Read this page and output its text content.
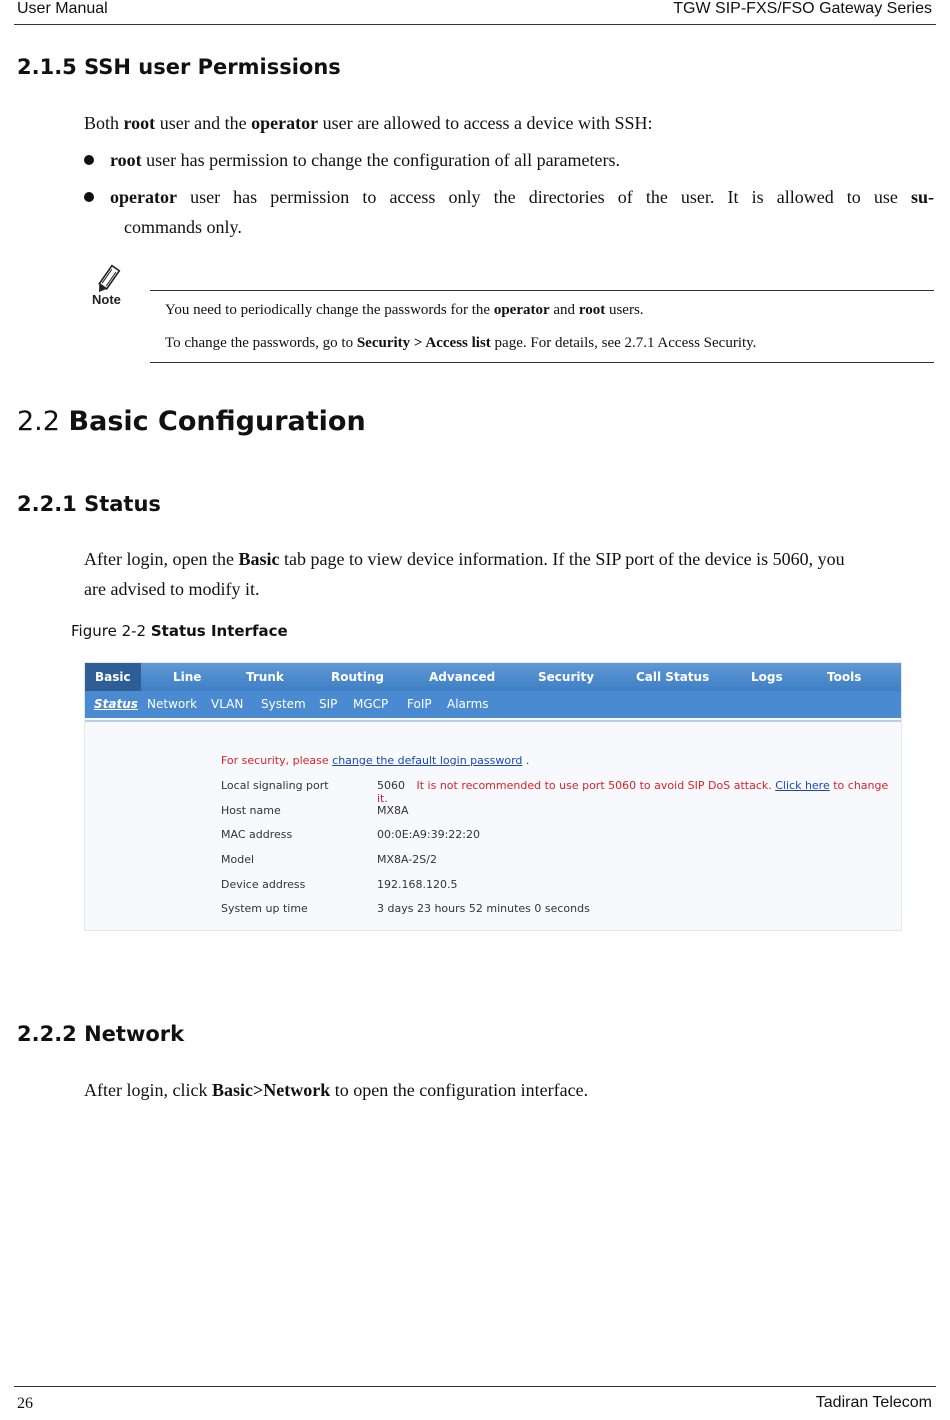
User Manual	TGW SIP-FXS/FSO Gateway Series
2.1.5 SSH user Permissions
Both root user and the operator user are allowed to access a device with SSH:
root user has permission to change the configuration of all parameters.
operator user has permission to access only the directories of the user. It is allowed to use su-
commands only.
Note
You need to periodically change the passwords for the operator and root users.
To change the passwords, go to Security > Access list page. For details, see 2.7.1 Access Security.
2.2 Basic Configuration
2.2.1 Status
After login, open the Basic tab page to view device information. If the SIP port of the device is 5060, you
are advised to modify it.
Figure 2-2 Status Interface
Basic	Line	Trunk	Routing	Advanced	Security	Call Status	Logs	Tools
Status Network VLAN System SIP MGCP FoIP Alarms
For security, please change the default login password .
Local signaling port	5060 It is not recommended to use port 5060 to avoid SIP DoS attack. Click here to change it.
Host name	MX8A
MAC address	00:0E:A9:39:22:20
Model	MX8A-2S/2
Device address	192.168.120.5
System up time	3 days 23 hours 52 minutes 0 seconds
2.2.2 Network
After login, click Basic>Network to open the configuration interface.
26	Tadiran Telecom
